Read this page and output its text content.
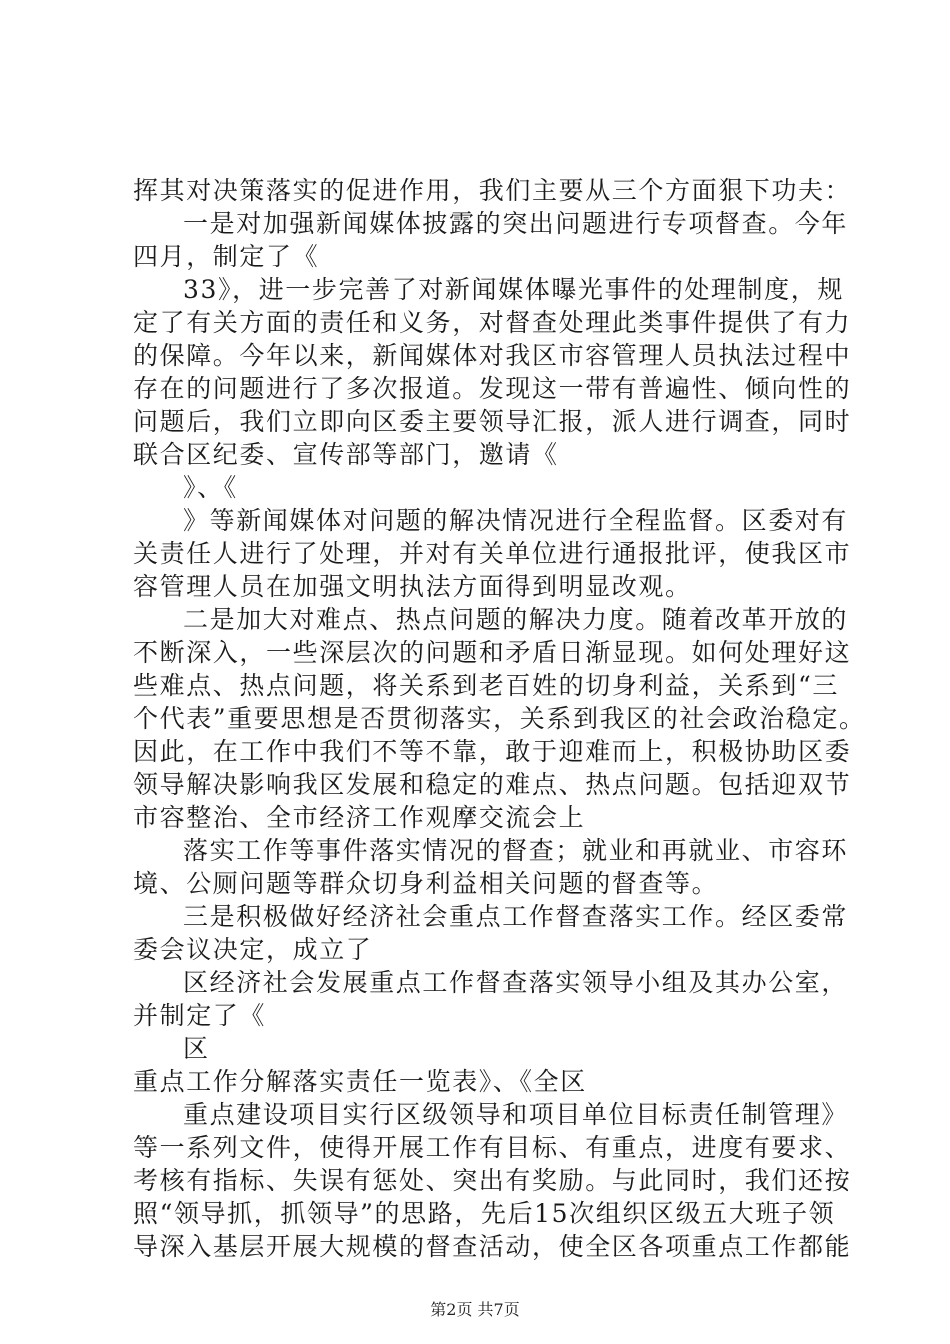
挥其对决策落实的促进作用，我们主要从三个方面狠下功夫：
一是对加强新闻媒体披露的突出问题进行专项督查。今年
四月，制定了《
33》，进一步完善了对新闻媒体曝光事件的处理制度，规
定了有关方面的责任和义务，对督查处理此类事件提供了有力
的保障。今年以来，新闻媒体对我区市容管理人员执法过程中
存在的问题进行了多次报道。发现这一带有普遍性、倾向性的
问题后，我们立即向区委主要领导汇报，派人进行调查，同时
联合区纪委、宣传部等部门，邀请《
》、《
》等新闻媒体对问题的解决情况进行全程监督。区委对有
关责任人进行了处理，并对有关单位进行通报批评，使我区市
容管理人员在加强文明执法方面得到明显改观。
二是加大对难点、热点问题的解决力度。随着改革开放的
不断深入，一些深层次的问题和矛盾日渐显现。如何处理好这
些难点、热点问题，将关系到老百姓的切身利益，关系到“三
个代表”重要思想是否贯彻落实，关系到我区的社会政治稳定。
因此，在工作中我们不等不靠，敢于迎难而上，积极协助区委
领导解决影响我区发展和稳定的难点、热点问题。包括迎双节
市容整治、全市经济工作观摩交流会上
落实工作等事件落实情况的督查；就业和再就业、市容环
境、公厕问题等群众切身利益相关问题的督查等。
三是积极做好经济社会重点工作督查落实工作。经区委常
委会议决定，成立了
区经济社会发展重点工作督查落实领导小组及其办公室，
并制定了《
区
重点工作分解落实责任一览表》、《全区
重点建设项目实行区级领导和项目单位目标责任制管理》
等一系列文件，使得开展工作有目标、有重点，进度有要求、
考核有指标、失误有惩处、突出有奖励。与此同时，我们还按
照“领导抓，抓领导”的思路，先后15次组织区级五大班子领
导深入基层开展大规模的督查活动，使全区各项重点工作都能
第2页 共7页
